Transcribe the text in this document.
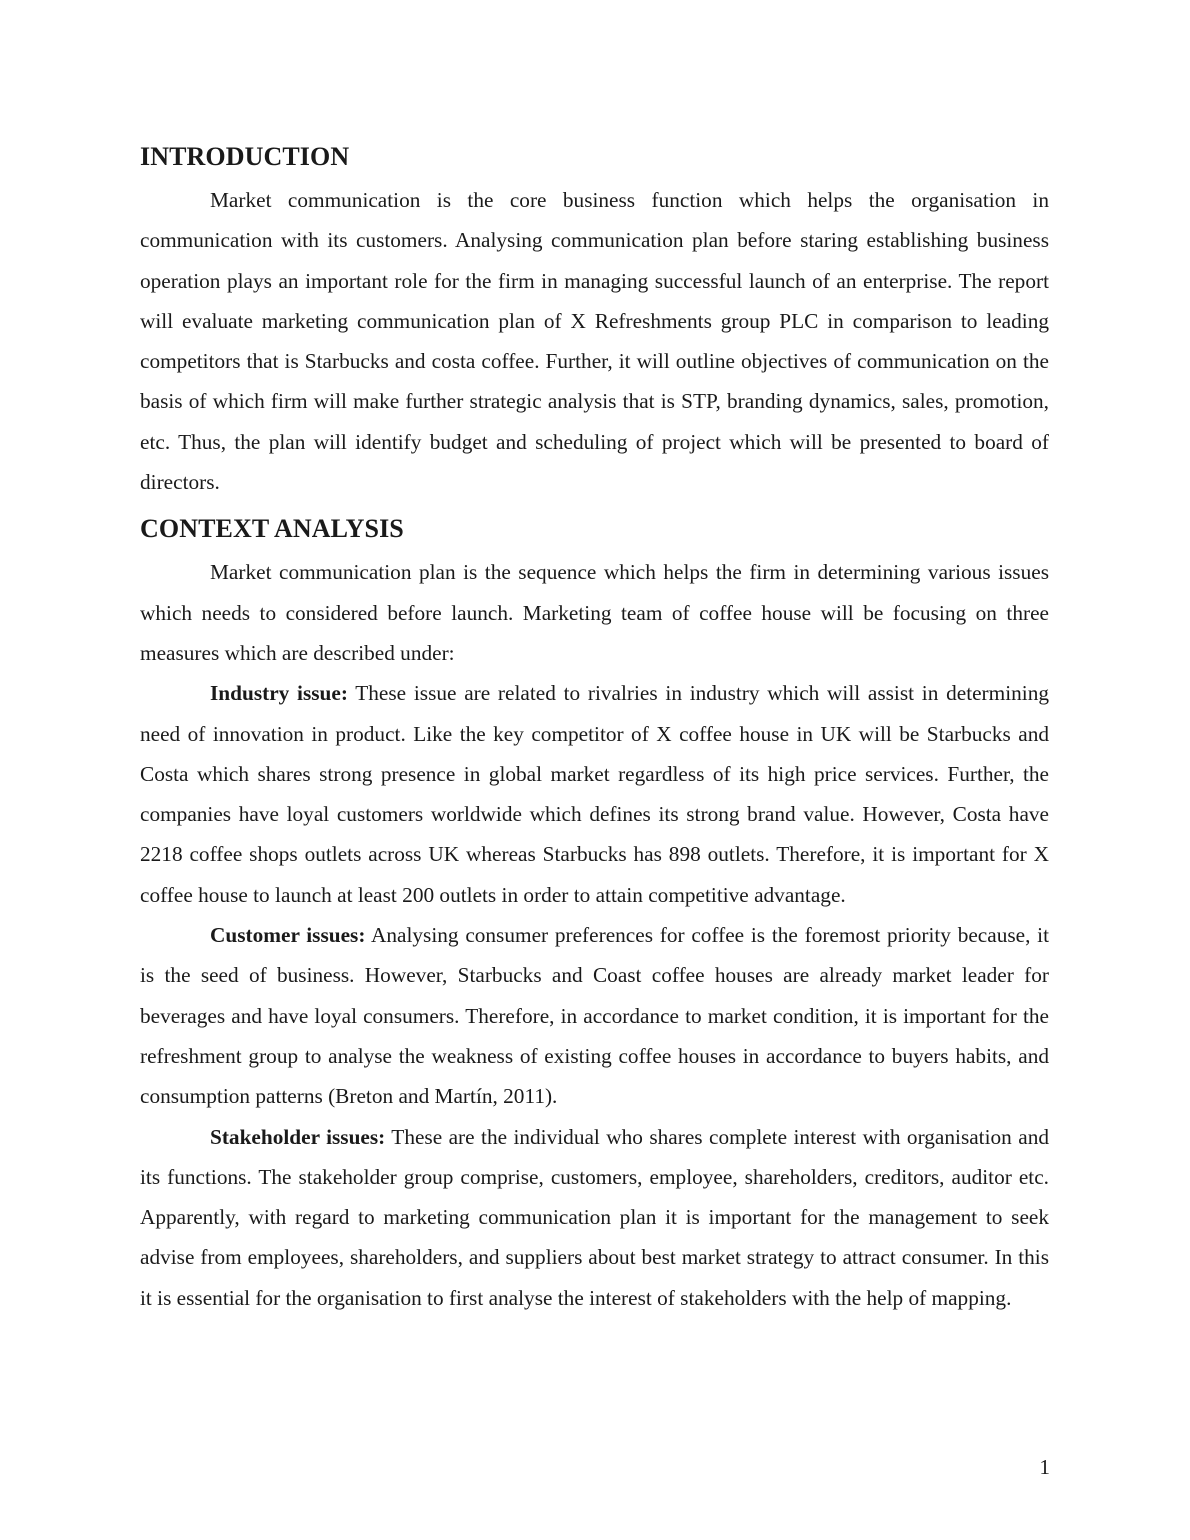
INTRODUCTION

Market communication is the core business function which helps the organisation in communication with its customers. Analysing communication plan before staring establishing business operation plays an important role for the firm in managing successful launch of an enterprise. The report will evaluate marketing communication plan of X Refreshments group PLC in comparison to leading competitors that is Starbucks and costa coffee. Further, it will outline objectives of communication on the basis of which firm will make further strategic analysis that is STP, branding dynamics, sales, promotion, etc. Thus, the plan will identify budget and scheduling of project which will be presented to board of directors.

CONTEXT ANALYSIS

Market communication plan is the sequence which helps the firm in determining various issues which needs to considered before launch. Marketing team of coffee house will be focusing on three measures which are described under:

Industry issue: These issue are related to rivalries in industry which will assist in determining need of innovation in product. Like the key competitor of X coffee house in UK will be Starbucks and Costa which shares strong presence in global market regardless of its high price services. Further, the companies have loyal customers worldwide which defines its strong brand value. However, Costa have 2218 coffee shops outlets across UK whereas Starbucks has 898 outlets. Therefore, it is important for X coffee house to launch at least 200 outlets in order to attain competitive advantage.

Customer issues: Analysing consumer preferences for coffee is the foremost priority because, it is the seed of business. However, Starbucks and Coast coffee houses are already market leader for beverages and have loyal consumers. Therefore, in accordance to market condition, it is important for the refreshment group to analyse the weakness of existing coffee houses in accordance to buyers habits, and consumption patterns (Breton and Martín, 2011).

Stakeholder issues: These are the individual who shares complete interest with organisation and its functions. The stakeholder group comprise, customers, employee, shareholders, creditors, auditor etc. Apparently, with regard to marketing communication plan it is important for the management to seek advise from employees, shareholders, and suppliers about best market strategy to attract consumer. In this it is essential for the organisation to first analyse the interest of stakeholders with the help of mapping.

1
